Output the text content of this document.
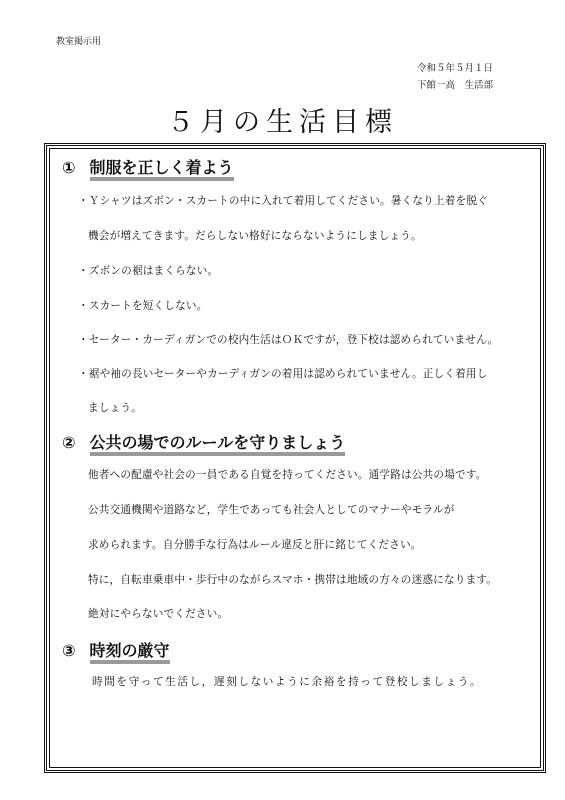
教室掲示用
令和５年５月１日
下館一高　生活部
５月の生活目標
① 制服を正しく着よう
・Ｙシャツはズボン・スカートの中に入れて着用してください。暑くなり上着を脱ぐ
機会が増えてきます。だらしない格好にならないようにしましょう。
・ズボンの裾はまくらない。
・スカートを短くしない。
・セーター・カーディガンでの校内生活はＯＫですが，登下校は認められていません。
・裾や袖の長いセーターやカーディガンの着用は認められていません。正しく着用し
ましょう。
② 公共の場でのルールを守りましょう
他者への配慮や社会の一員である自覚を持ってください。通学路は公共の場です。
公共交通機関や道路など，学生であっても社会人としてのマナーやモラルが
求められます。自分勝手な行為はルール違反と肝に銘じてください。
特に，自転車乗車中・歩行中のながらスマホ・携帯は地域の方々の迷惑になります。
絶対にやらないでください。
③ 時刻の厳守
時間を守って生活し，遅刻しないように余裕を持って登校しましょう。
